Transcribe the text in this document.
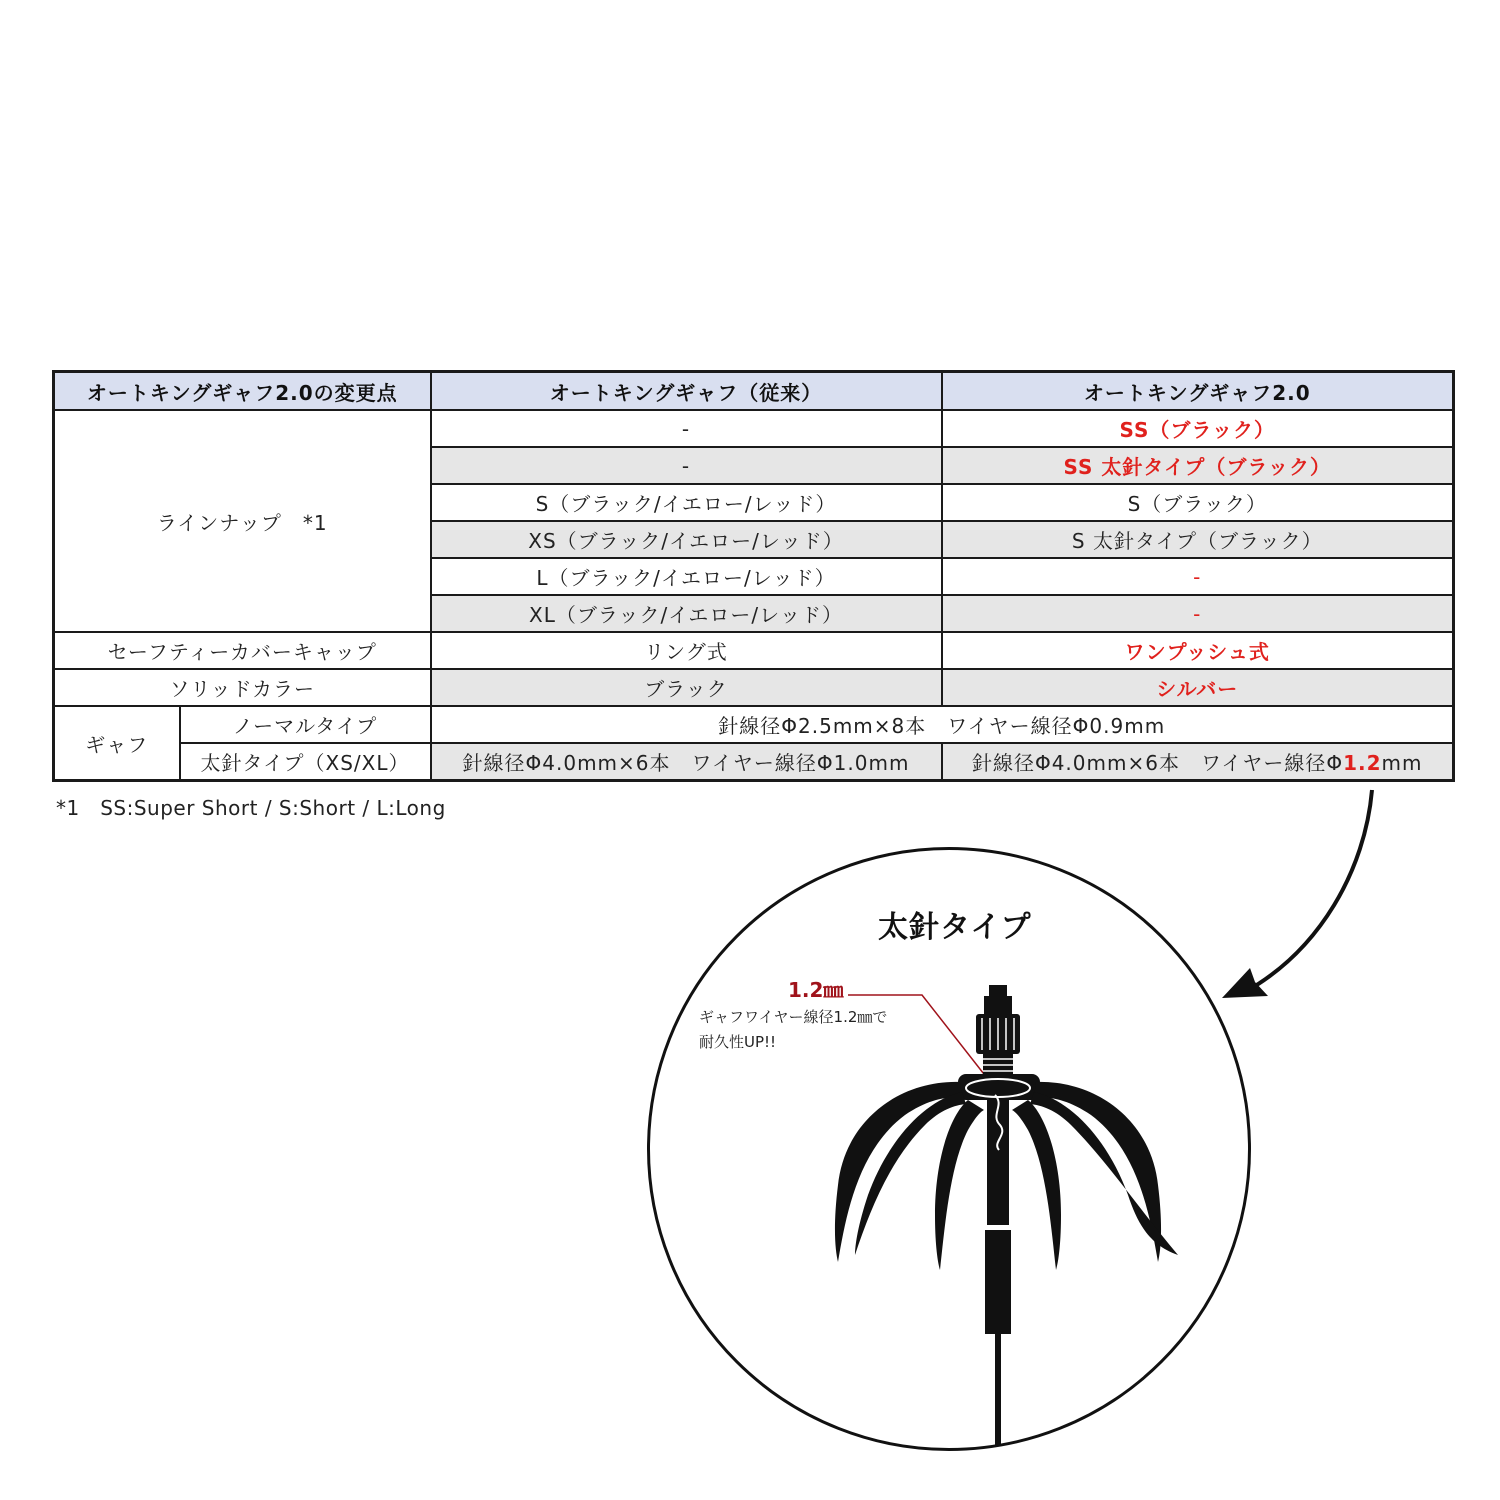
オートキングギャフ2.0の変更点		オートキングギャフ（従来）	オートキングギャフ2.0
ラインナップ　*1		-	SS（ブラック）
		-	SS 太針タイプ（ブラック）
		S（ブラック/イエロー/レッド）	S（ブラック）
		XS（ブラック/イエロー/レッド）	S 太針タイプ（ブラック）
		L（ブラック/イエロー/レッド）	-
		XL（ブラック/イエロー/レッド）	-
セーフティーカバーキャップ		リング式	ワンプッシュ式
ソリッドカラー		ブラック	シルバー
ギャフ	ノーマルタイプ	針線径Φ2.5mm×8本　ワイヤー線径Φ0.9mm	
	太針タイプ（XS/XL）	針線径Φ4.0mm×6本　ワイヤー線径Φ1.0mm	針線径Φ4.0mm×6本　ワイヤー線径Φ1.2mm
*1　SS:Super Short / S:Short / L:Long
太針タイプ
1.2㎜
ギャフワイヤー線径1.2㎜で
耐久性UP!!
